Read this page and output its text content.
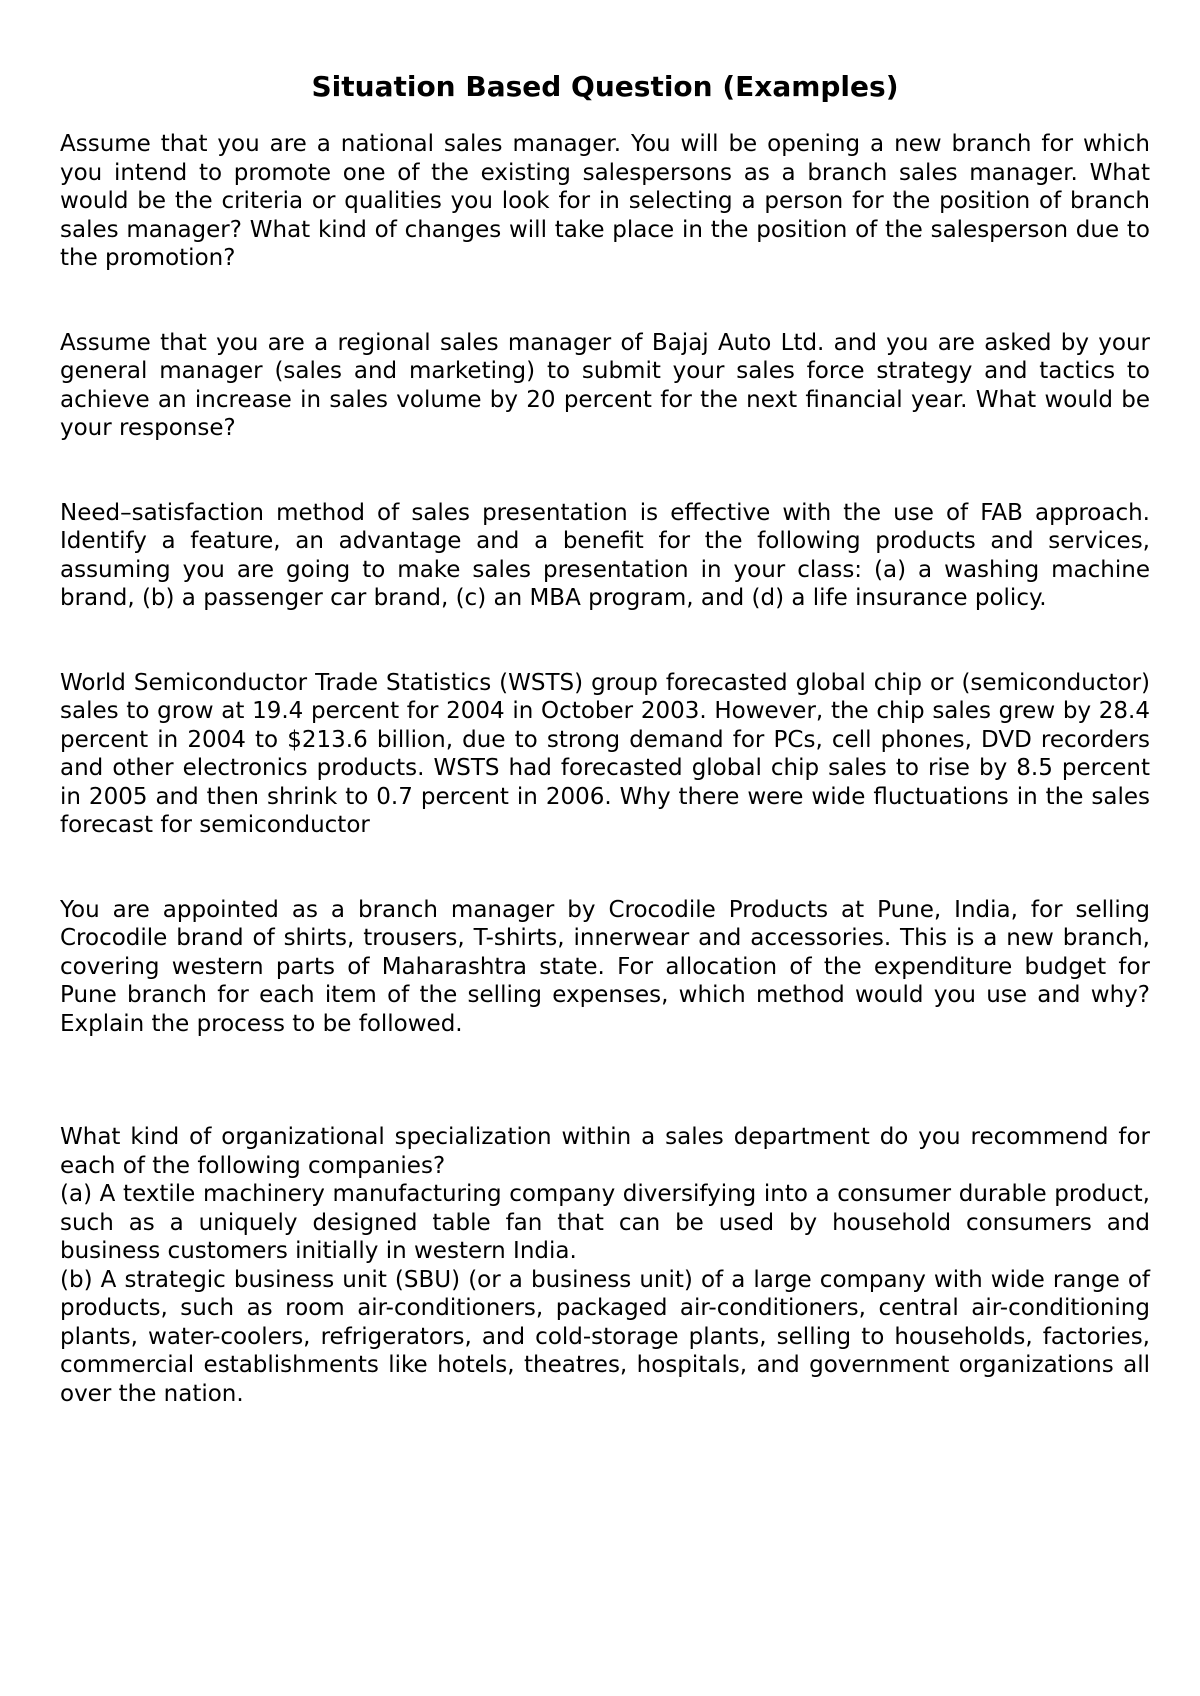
Situation Based Question (Examples)

Assume that you are a national sales manager. You will be opening a new branch for which you intend to promote one of the existing salespersons as a branch sales manager. What would be the criteria or qualities you look for in selecting a person for the position of branch sales manager? What kind of changes will take place in the position of the salesperson due to the promotion?

Assume that you are a regional sales manager of Bajaj Auto Ltd. and you are asked by your general manager (sales and marketing) to submit your sales force strategy and tactics to achieve an increase in sales volume by 20 percent for the next financial year. What would be your response?

Need–satisfaction method of sales presentation is effective with the use of FAB approach. Identify a feature, an advantage and a benefit for the following products and services, assuming you are going to make sales presentation in your class: (a) a washing machine brand, (b) a passenger car brand, (c) an MBA program, and (d) a life insurance policy.

World Semiconductor Trade Statistics (WSTS) group forecasted global chip or (semiconductor) sales to grow at 19.4 percent for 2004 in October 2003. However, the chip sales grew by 28.4 percent in 2004 to $213.6 billion, due to strong demand for PCs, cell phones, DVD recorders and other electronics products. WSTS had forecasted global chip sales to rise by 8.5 percent in 2005 and then shrink to 0.7 percent in 2006. Why there were wide fluctuations in the sales forecast for semiconductor

You are appointed as a branch manager by Crocodile Products at Pune, India, for selling Crocodile brand of shirts, trousers, T-shirts, innerwear and accessories. This is a new branch, covering western parts of Maharashtra state. For allocation of the expenditure budget for Pune branch for each item of the selling expenses, which method would you use and why? Explain the process to be followed.

What kind of organizational specialization within a sales department do you recommend for each of the following companies?

(a) A textile machinery manufacturing company diversifying into a consumer durable product, such as a uniquely designed table fan that can be used by household consumers and business customers initially in western India.

(b) A strategic business unit (SBU) (or a business unit) of a large company with wide range of products, such as room air-conditioners, packaged air-conditioners, central air-conditioning plants, water-coolers, refrigerators, and cold-storage plants, selling to households, factories, commercial establishments like hotels, theatres, hospitals, and government organizations all over the nation.
